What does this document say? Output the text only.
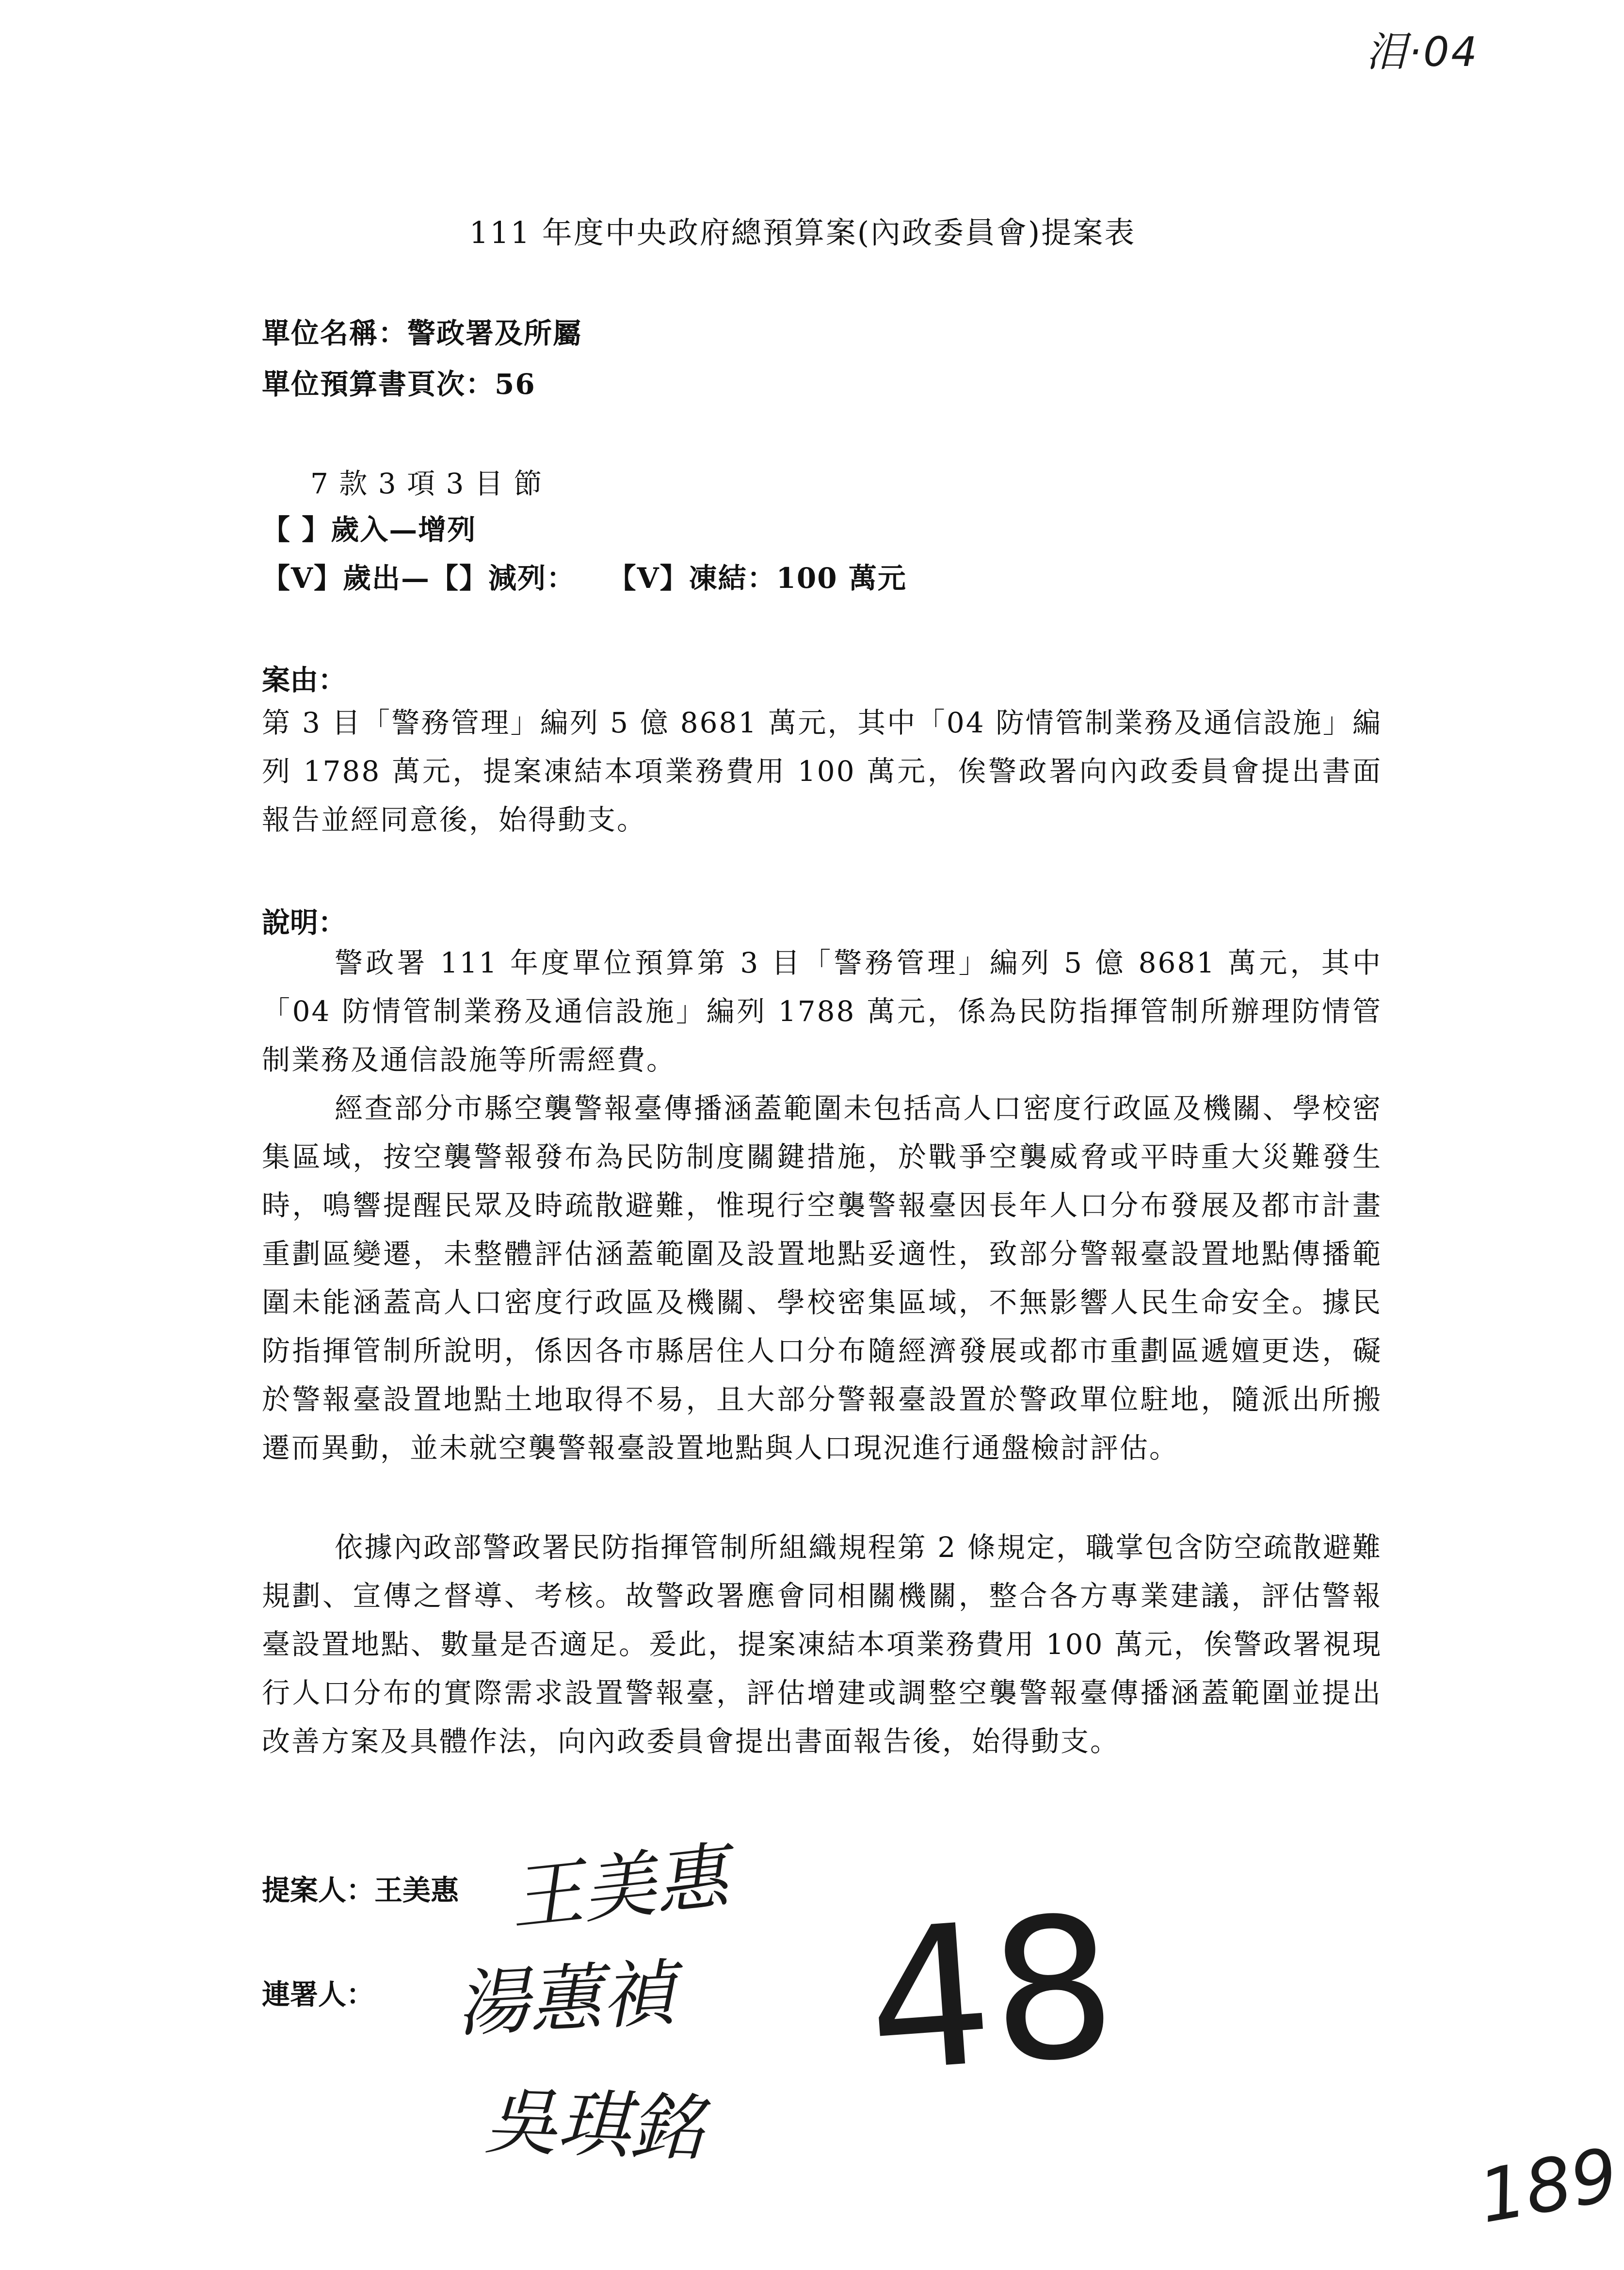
泪·04
111 年度中央政府總預算案(內政委員會)提案表
單位名稱：警政署及所屬
單位預算書頁次：56
7 款 3 項 3 目 節
【 】歲入—增列
【V】歲出—【】減列：   【V】凍結：100 萬元
案由：

第 3 目「警務管理」編列 5 億 8681 萬元，其中「04 防情管制業務及通信設施」編列 1788 萬元，提案凍結本項業務費用 100 萬元，俟警政署向內政委員會提出書面報告並經同意後，始得動支。

說明：

警政署 111 年度單位預算第 3 目「警務管理」編列 5 億 8681 萬元，其中「04 防情管制業務及通信設施」編列 1788 萬元，係為民防指揮管制所辦理防情管制業務及通信設施等所需經費。

經查部分市縣空襲警報臺傳播涵蓋範圍未包括高人口密度行政區及機關、學校密集區域，按空襲警報發布為民防制度關鍵措施，於戰爭空襲威脅或平時重大災難發生時，鳴響提醒民眾及時疏散避難，惟現行空襲警報臺因長年人口分布發展及都市計畫重劃區變遷，未整體評估涵蓋範圍及設置地點妥適性，致部分警報臺設置地點傳播範圍未能涵蓋高人口密度行政區及機關、學校密集區域，不無影響人民生命安全。據民防指揮管制所說明，係因各市縣居住人口分布隨經濟發展或都市重劃區遞嬗更迭，礙於警報臺設置地點土地取得不易，且大部分警報臺設置於警政單位駐地，隨派出所搬遷而異動，並未就空襲警報臺設置地點與人口現況進行通盤檢討評估。

依據內政部警政署民防指揮管制所組織規程第 2 條規定，職掌包含防空疏散避難規劃、宣傳之督導、考核。故警政署應會同相關機關，整合各方專業建議，評估警報臺設置地點、數量是否適足。爰此，提案凍結本項業務費用 100 萬元，俟警政署視現行人口分布的實際需求設置警報臺，評估增建或調整空襲警報臺傳播涵蓋範圍並提出改善方案及具體作法，向內政委員會提出書面報告後，始得動支。

提案人：王美惠 王美惠
連署人： 湯蕙禎
吳琪銘
48
189
